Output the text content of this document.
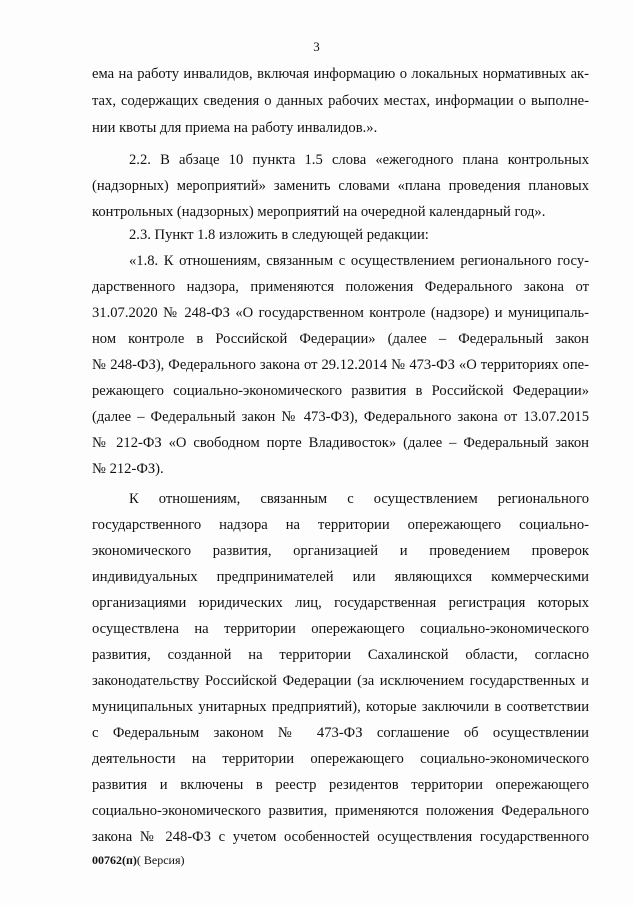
3
ема на работу инвалидов, включая информацию о локальных нормативных ак-
тах, содержащих сведения о данных рабочих местах, информации о выполне-
нии квоты для приема на работу инвалидов.».
2.2. В абзаце 10 пункта 1.5 слова «ежегодного плана контрольных
(надзорных) мероприятий» заменить словами «плана проведения плановых
контрольных (надзорных) мероприятий на очередной календарный год».
2.3. Пункт 1.8 изложить в следующей редакции:
«1.8. К отношениям, связанным с осуществлением регионального госу-
дарственного надзора, применяются положения Федерального закона от
31.07.2020 № 248-ФЗ «О государственном контроле (надзоре) и муниципаль-
ном контроле в Российской Федерации» (далее – Федеральный закон
№ 248-ФЗ), Федерального закона от 29.12.2014 № 473-ФЗ «О территориях опе-
режающего социально-экономического развития в Российской Федерации»
(далее – Федеральный закон № 473-ФЗ), Федерального закона от 13.07.2015
№ 212-ФЗ «О свободном порте Владивосток» (далее – Федеральный закон
№ 212-ФЗ).
К отношениям, связанным с осуществлением регионального
государственного надзора на территории опережающего социально-
экономического развития, организацией и проведением проверок
индивидуальных предпринимателей или являющихся коммерческими
организациями юридических лиц, государственная регистрация которых
осуществлена на территории опережающего социально-экономического
развития, созданной на территории Сахалинской области, согласно
законодательству Российской Федерации (за исключением государственных и
муниципальных унитарных предприятий), которые заключили в соответствии
с Федеральным законом № 473-ФЗ соглашение об осуществлении
деятельности на территории опережающего социально-экономического
развития и включены в реестр резидентов территории опережающего
социально-экономического развития, применяются положения Федерального
закона № 248-ФЗ с учетом особенностей осуществления государственного
00762(п)( Версия)
